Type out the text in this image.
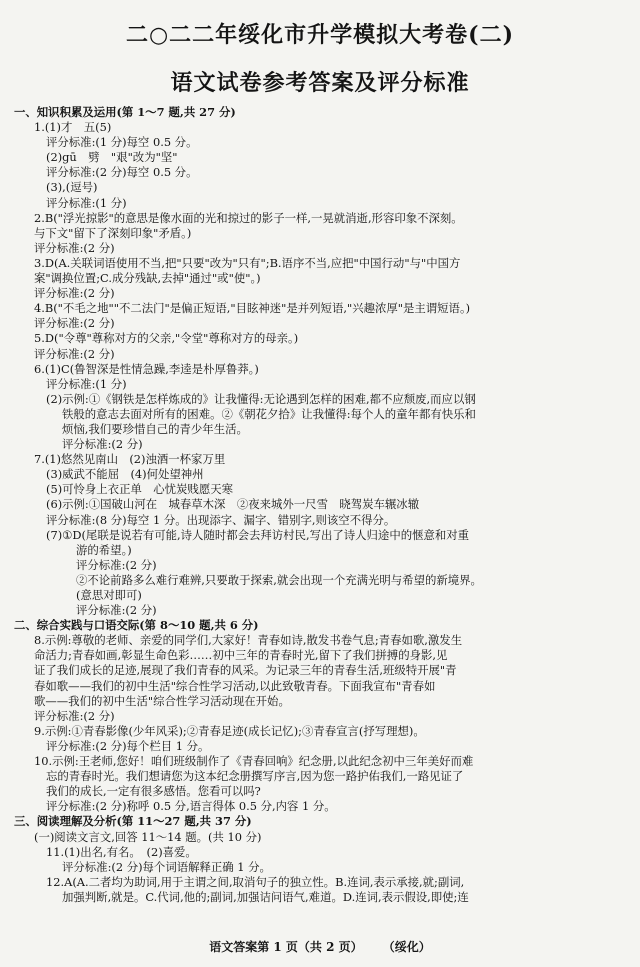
二○二二年绥化市升学模拟大考卷(二)
语文试卷参考答案及评分标准
一、知识积累及运用(第 1～7 题,共 27 分)
1.(1)才　五(5)
评分标准:(1 分)每空 0.5 分。
(2)gū　劈　"艰"改为"坚"
评分标准:(2 分)每空 0.5 分。
(3),(逗号)
评分标准:(1 分)
2.B("浮光掠影"的意思是像水面的光和掠过的影子一样,一晃就消逝,形容印象不深刻。
与下文"留下了深刻印象"矛盾。)
评分标准:(2 分)
3.D(A.关联词语使用不当,把"只要"改为"只有";B.语序不当,应把"中国行动"与"中国方
案"调换位置;C.成分残缺,去掉"通过"或"使"。)
评分标准:(2 分)
4.B("不毛之地""不二法门"是偏正短语,"目眩神迷"是并列短语,"兴趣浓厚"是主谓短语。)
评分标准:(2 分)
5.D("令尊"尊称对方的父亲,"令堂"尊称对方的母亲。)
评分标准:(2 分)
6.(1)C(鲁智深是性情急躁,李逵是朴厚鲁莽。)
评分标准:(1 分)
(2)示例:①《钢铁是怎样炼成的》让我懂得:无论遇到怎样的困难,都不应颓废,而应以钢
铁般的意志去面对所有的困难。②《朝花夕拾》让我懂得:每个人的童年都有快乐和
烦恼,我们要珍惜自己的青少年生活。
评分标准:(2 分)
7.(1)悠然见南山　(2)浊酒一杯家万里
(3)威武不能屈　(4)何处望神州
(5)可怜身上衣正单　心忧炭贱愿天寒
(6)示例:①国破山河在　城春草木深　②夜来城外一尺雪　晓驾炭车辗冰辙
评分标准:(8 分)每空 1 分。出现添字、漏字、错别字,则该空不得分。
(7)①D(尾联是说若有可能,诗人随时都会去拜访村民,写出了诗人归途中的惬意和对重
游的希望。)
评分标准:(2 分)
②不论前路多么难行难辨,只要敢于探索,就会出现一个充满光明与希望的新境界。
(意思对即可)
评分标准:(2 分)
二、综合实践与口语交际(第 8～10 题,共 6 分)
8.示例:尊敬的老师、亲爱的同学们,大家好！青春如诗,散发书卷气息;青春如歌,激发生
命活力;青春如画,彰显生命色彩……初中三年的青春时光,留下了我们拼搏的身影,见
证了我们成长的足迹,展现了我们青春的风采。为记录三年的青春生活,班级特开展"青
春如歌——我们的初中生活"综合性学习活动,以此致敬青春。下面我宣布"青春如
歌——我们的初中生活"综合性学习活动现在开始。
评分标准:(2 分)
9.示例:①青春影像(少年风采);②青春足迹(成长记忆);③青春宣言(抒写理想)。
评分标准:(2 分)每个栏目 1 分。
10.示例:王老师,您好！咱们班级制作了《青春回响》纪念册,以此纪念初中三年美好而难
忘的青春时光。我们想请您为这本纪念册撰写序言,因为您一路护佑我们,一路见证了
我们的成长,一定有很多感悟。您看可以吗?
评分标准:(2 分)称呼 0.5 分,语言得体 0.5 分,内容 1 分。
三、阅读理解及分析(第 11～27 题,共 37 分)
(一)阅读文言文,回答 11～14 题。(共 10 分)
11.(1)出名,有名。　(2)喜爱。
评分标准:(2 分)每个词语解释正确 1 分。
12.A(A.二者均为助词,用于主谓之间,取消句子的独立性。B.连词,表示承接,就;副词,
加强判断,就是。C.代词,他的;副词,加强诘问语气,难道。D.连词,表示假设,即使;连
语文答案第 1 页（共 2 页） （绥化）
